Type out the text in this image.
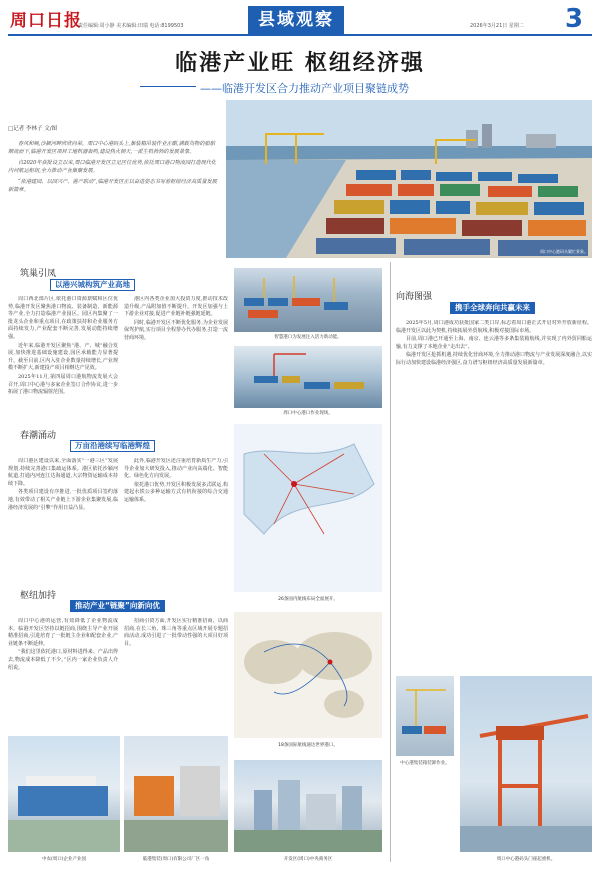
周口日报
责任编辑:周小静 美术编辑:田瑞 电话:8199503	县域观察	2026年3月21日 星期二 3
临港产业旺 枢纽经济强
——临港开发区合力推动产业项目聚链成势
周口中心港码头繁忙景象。
□记者 李林子 文/图

春风和畅,沙颍河畔欣欣向荣。周口中心港码头上,集装箱吊装作业正酣,满载货物的船舶顺流而下,临港开发区项目工地机器轰鸣,建设热火朝天,一派生机勃勃的发展景象。

自2020年获批设立以来,周口临港开发区立足区位优势,依托周口港口物流园打造现代化内河航运枢纽,全力推动产业集聚发展。

“依港建园、以园兴产、港产联动”,临港开发区正以奋进姿态书写着枢纽经济高质量发展新篇章。

筑巢引凤
以港兴城构筑产业高地

周口西北部片区,依托港口资源禀赋和区位优势,临港开发区聚焦港口物流、装备制造、新能源等产业,全力打造临港产业园区。园区内集聚了一批龙头企业和重点项目,在政策扶持和企业服务方面持续发力,产业配套不断完善,发展动能持续增强。

近年来,临港开发区聚焦“港、产、城”融合发展,加快推进基础设施建设,园区承载能力显著提升。截至目前,区内入驻企业数量持续增长,产业规模不断扩大,新建投产项目相继达产见效。

2025年11月,第四届周口港航物流发展大会召开,周口中心港与多家企业签订合作协议,进一步拓展了港口物流辐射范围。

港区内各类企业加大投资力度,推动技术改造升级,产品附加值不断提升。开发区加强与上下游企业对接,促进产业链补链强链延链。

同时,临港开发区不断优化服务,为企业发展保驾护航,实行项目全程帮办代办服务,打造一流营商环境。

春潮涌动
万亩沿港续写临港辉煌

周口港区建设以来,全面落实“一港三区”发展规划,持续完善港口集疏运体系。港区依托沙颍河航道,打通内河连江达海通道,大宗物资运输成本持续下降。

各类项目建设有序推进,一批优质项目签约落地,有效带动了相关产业链上下游企业集聚发展,临港经济发展的“引擎”作用日益凸显。

此外,临港开发区还注重培育新质生产力,引导企业加大研发投入,推动产业向高端化、智能化、绿色化方向发展。

依托港口优势,开发区积极发展多式联运,构建起水铁公多种运输方式有机衔接的综合交通运输体系。

枢纽加持
推动产业“链聚”向新向优

周口中心港的运营,有效降低了企业物流成本。临港开发区坚持以链招商,围绕主导产业开展精准招商,引进培育了一批链主企业和配套企业,产业链条不断延伸。

“我们这里依托港口,原材料进得来、产品出得去,物流成本降低了不少。”区内一家企业负责人介绍说。

招商引资方面,开发区实行精准招商、以商招商,在长三角、珠三角等重点区域开展专题招商活动,成功引进了一批带动性强的大项目好项目。

智慧港口为发展注入活力新动能。
周口中心港口作业现场。
26条国内航线布局全面展开。
18条国际航线通达世界港口。
向海图强
携手全球奔向共赢未来

2025年5月,周口港成功获批国家二类口岸,标志着周口港正式开启对外开放新征程。临港开发区以此为契机,持续拓展外贸航线,积极对接国际市场。

目前,周口港已开通至上海、南京、连云港等多条集装箱航线,并实现了内外贸同船运输,有力支撑了本地企业“走出去”。

临港开发区抢抓机遇,持续优化营商环境,全力推动港口物流与产业发展深度融合,以实际行动加快建设临港经济强区,奋力谱写枢纽经济高质量发展新篇章。

周口中心港码头门座起重机。
中农(周口)企业产业园	临港集装(周口)有限公司厂区一角	开发区(周口)中央商务区
中心港集装箱装卸作业。
